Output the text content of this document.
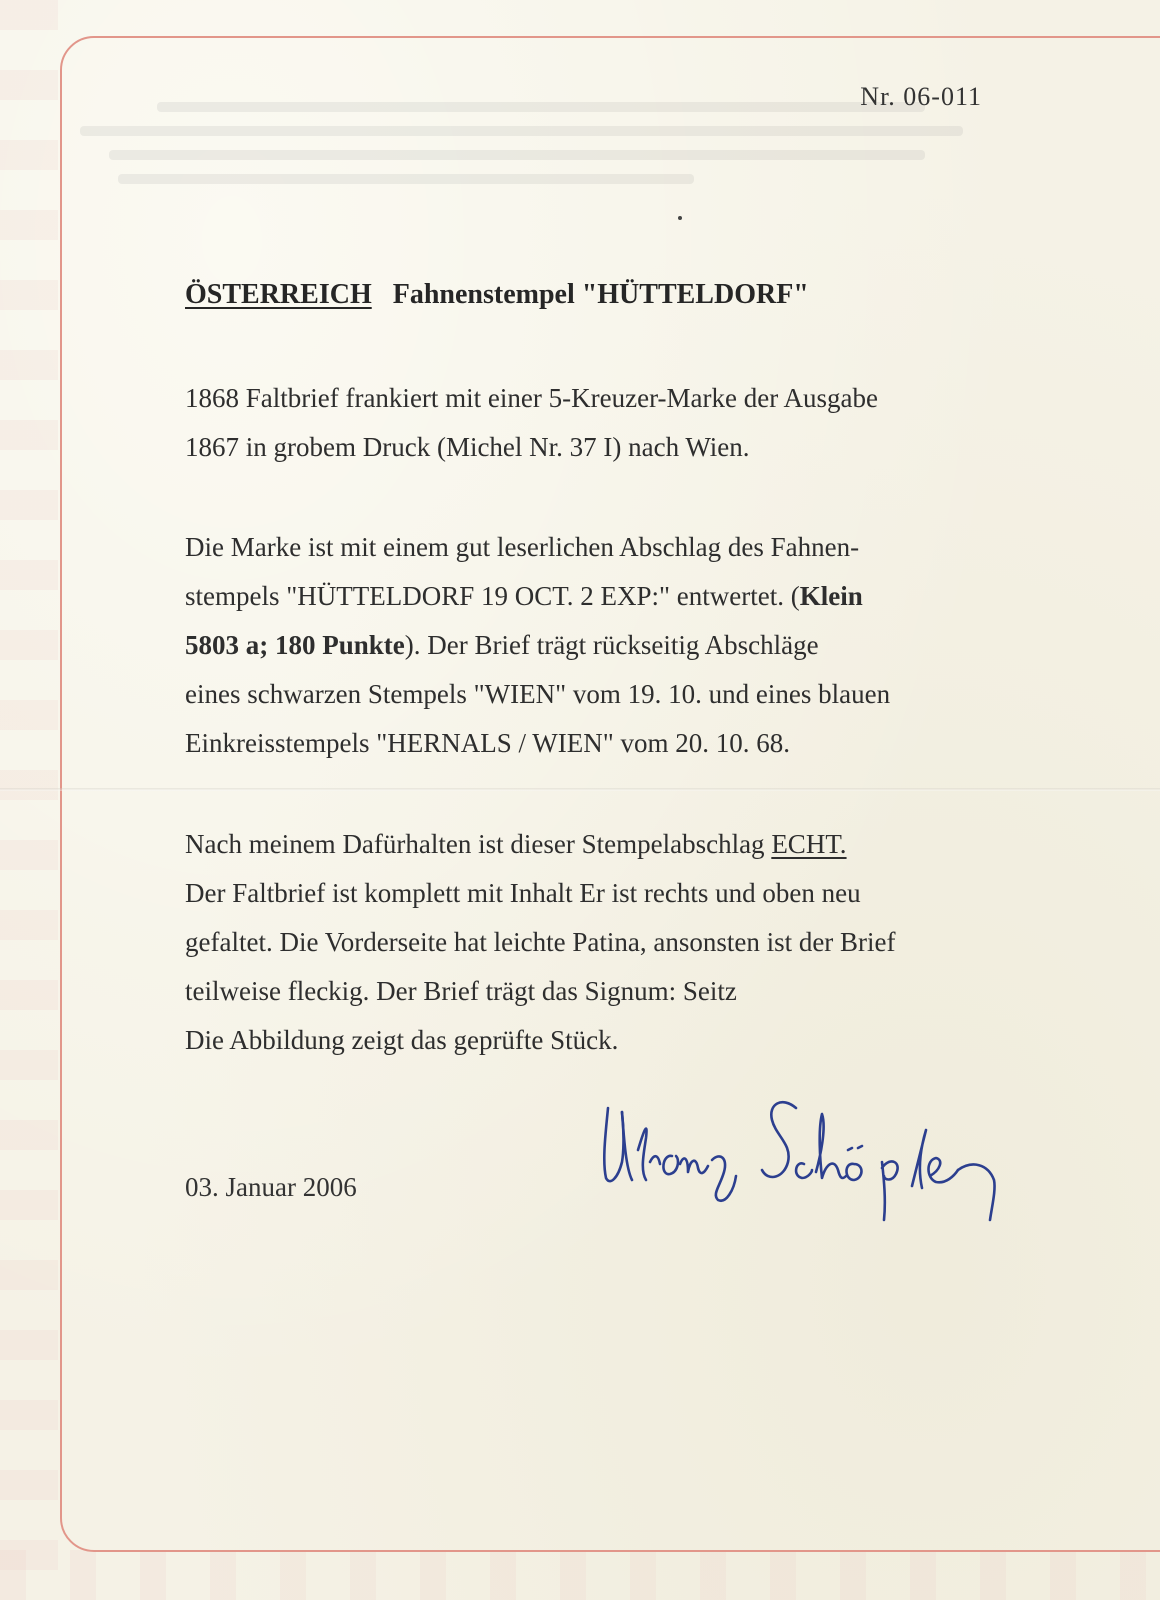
Nr. 06-011
ÖSTERREICH Fahnenstempel "HÜTTELDORF"

1868 Faltbrief frankiert mit einer 5-Kreuzer-Marke der Ausgabe

1867 in grobem Druck (Michel Nr. 37 I) nach Wien.

Die Marke ist mit einem gut leserlichen Abschlag des Fahnen-

stempels "HÜTTELDORF 19 OCT. 2 EXP:" entwertet. (Klein

5803 a; 180 Punkte). Der Brief trägt rückseitig Abschläge

eines schwarzen Stempels "WIEN" vom 19. 10. und eines blauen

Einkreisstempels "HERNALS / WIEN" vom 20. 10. 68.

Nach meinem Dafürhalten ist dieser Stempelabschlag ECHT.

Der Faltbrief ist komplett mit Inhalt Er ist rechts und oben neu

gefaltet. Die Vorderseite hat leichte Patina, ansonsten ist der Brief

teilweise fleckig. Der Brief trägt das Signum: Seitz

Die Abbildung zeigt das geprüfte Stück.

03. Januar 2006
